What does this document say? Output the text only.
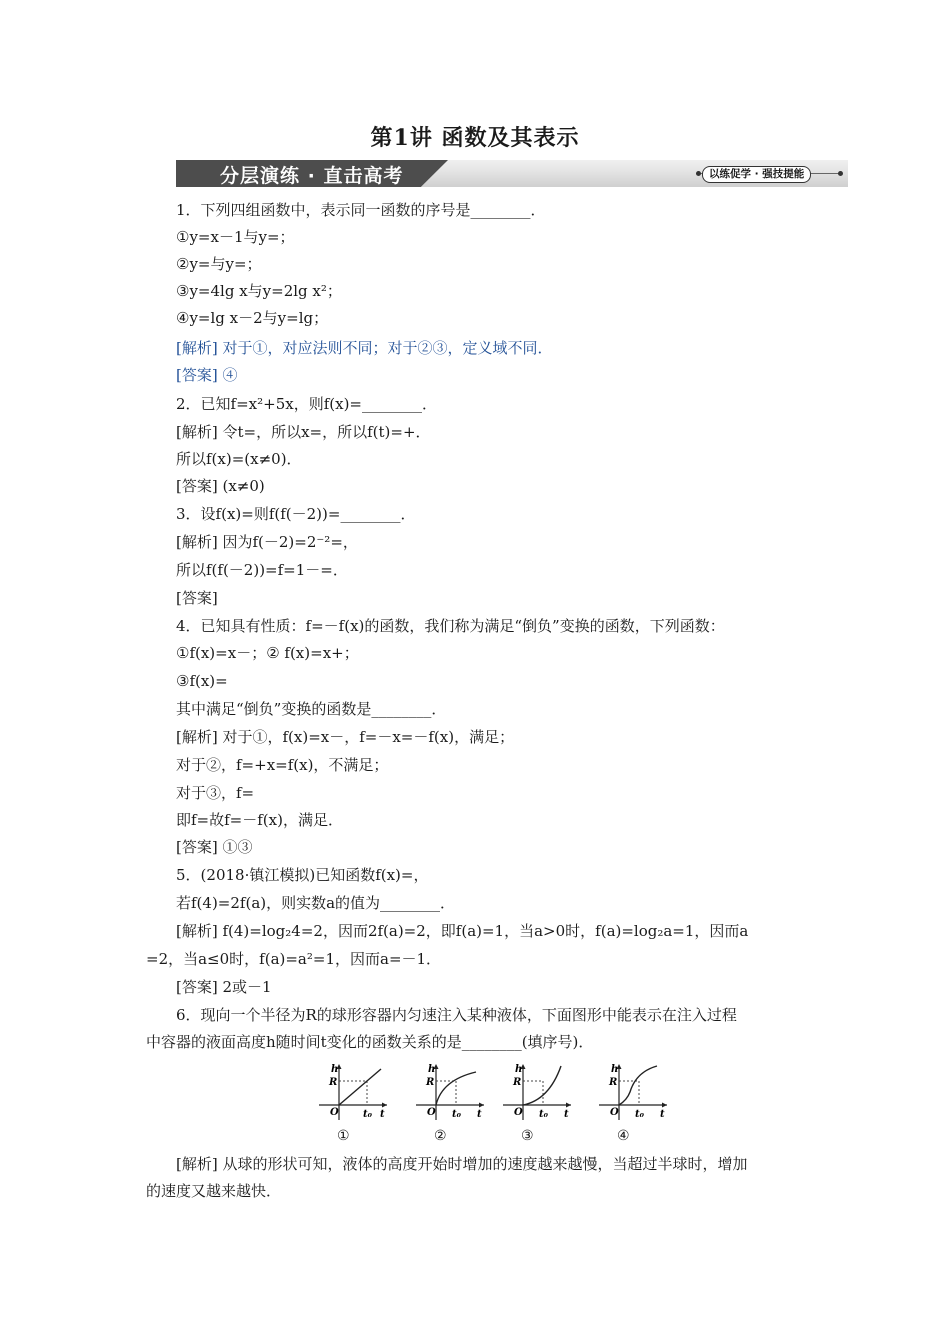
第1讲 函数及其表示
分层演练 · 直击高考	以练促学 · 强技提能
1．下列四组函数中，表示同一函数的序号是________．
①y=x－1与y=；
②y=与y=；
③y=4lg x与y=2lg x²；
④y=lg x－2与y=lg；
[解析] 对于①，对应法则不同；对于②③，定义域不同．
[答案] ④
2．已知f=x²+5x，则f(x)=________．
[解析] 令t=，所以x=，所以f(t)=+．
所以f(x)=(x≠0)．
[答案] (x≠0)
3．设f(x)=则f(f(－2))=________．
[解析] 因为f(－2)=2⁻²=，
所以f(f(－2))=f=1－=．
[答案]
4．已知具有性质：f=－f(x)的函数，我们称为满足“倒负”变换的函数，下列函数：
①f(x)=x－；② f(x)=x+；
③f(x)=
其中满足“倒负”变换的函数是________．
[解析] 对于①，f(x)=x－，f=－x=－f(x)，满足；
对于②，f=+x=f(x)，不满足；
对于③，f=
即f=故f=－f(x)，满足．
[答案] ①③
5．(2018·镇江模拟)已知函数f(x)=，
若f(4)=2f(a)，则实数a的值为________．
[解析] f(4)=log₂4=2，因而2f(a)=2，即f(a)=1，当a>0时，f(a)=log₂a=1，因而a
=2，当a≤0时，f(a)=a²=1，因而a=－1．
[答案] 2或－1
6．现向一个半径为R的球形容器内匀速注入某种液体，下面图形中能表示在注入过程
中容器的液面高度h随时间t变化的函数关系的是________(填序号)．
[解析] 从球的形状可知，液体的高度开始时增加的速度越来越慢，当超过半球时，增加
的速度又越来越快．
h
R
O t₀ t
h
R
O t₀ t
h
R
O t₀ t
h
R
O t₀ t
①	②	③	④
